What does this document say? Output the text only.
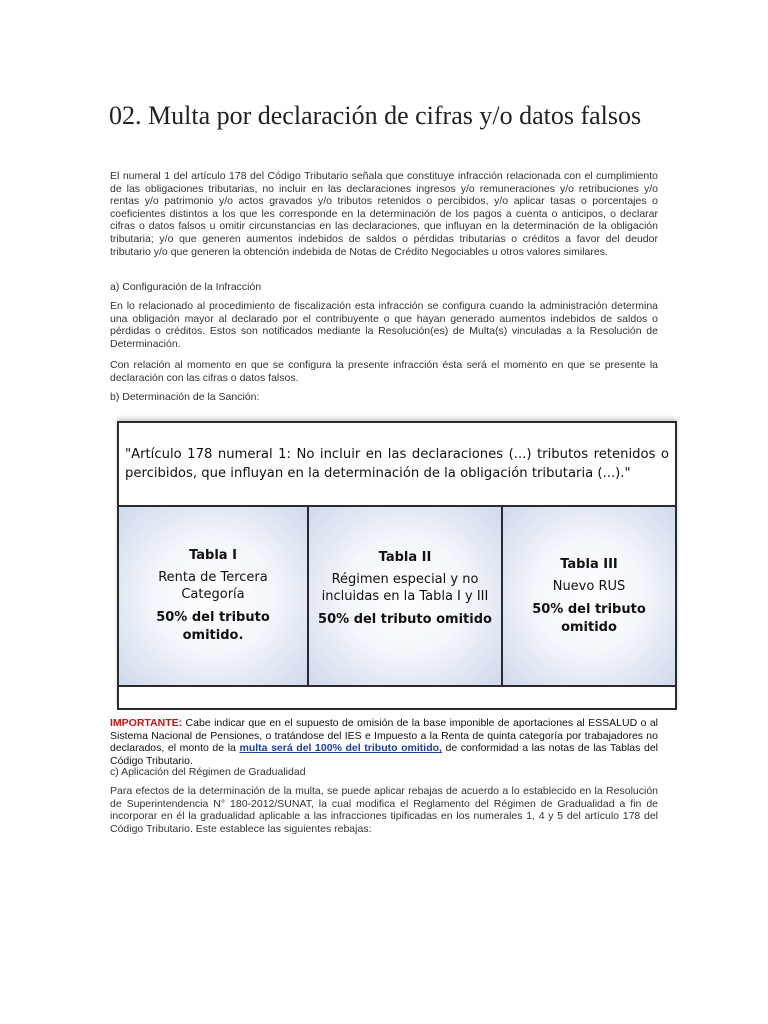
02. Multa por declaración de cifras y/o datos falsos

El numeral 1 del artículo 178 del Código Tributario señala que constituye infracción relacionada con el cumplimiento de las obligaciones tributarias, no incluir en las declaraciones ingresos y/o remuneraciones y/o retribuciones y/o rentas y/o patrimonio y/o actos gravados y/o tributos retenidos o percibidos, y/o aplicar tasas o porcentajes o coeficientes distintos a los que les corresponde en la determinación de los pagos a cuenta o anticipos, o declarar cifras o datos falsos u omitir circunstancias en las declaraciones, que influyan en la determinación de la obligación tributaria; y/o que generen aumentos indebidos de saldos o pérdidas tributarias o créditos a favor del deudor tributario y/o que generen la obtención indebida de Notas de Crédito Negociables u otros valores similares.

a) Configuración de la Infracción

En lo relacionado al procedimiento de fiscalización esta infracción se configura cuando la administración determina una obligación mayor al declarado por el contribuyente o que hayan generado aumentos indebidos de saldos o pérdidas o créditos. Estos son notificados mediante la Resolución(es) de Multa(s) vinculadas a la Resolución de Determinación.

Con relación al momento en que se configura la presente infracción ésta será el momento en que se presente la declaración con las cifras o datos falsos.

b) Determinación de la Sanción:

"Artículo 178 numeral 1: No incluir en las declaraciones (...) tributos retenidos o percibidos, que influyan en la determinación de la obligación tributaria (...)."
Tabla I
Renta de Tercera Categoría
50% del tributo omitido.
Tabla II
Régimen especial y no incluidas en la Tabla I y III
50% del tributo omitido
Tabla III
Nuevo RUS
50% del tributo omitido

IMPORTANTE: Cabe indicar que en el supuesto de omisión de la base imponible de aportaciones al ESSALUD o al Sistema Nacional de Pensiones, o tratándose del IES e Impuesto a la Renta de quinta categoría por trabajadores no declarados, el monto de la multa será del 100% del tributo omitido, de conformidad a las notas de las Tablas del Código Tributario.

c) Aplicación del Régimen de Gradualidad

Para efectos de la determinación de la multa, se puede aplicar rebajas de acuerdo a lo establecido en la Resolución de Superintendencia N° 180-2012/SUNAT, la cual modifica el Reglamento del Régimen de Gradualidad a fin de incorporar en él la gradualidad aplicable a las infracciones tipificadas en los numerales 1, 4 y 5 del artículo 178 del Código Tributario. Este establece las siguientes rebajas:
